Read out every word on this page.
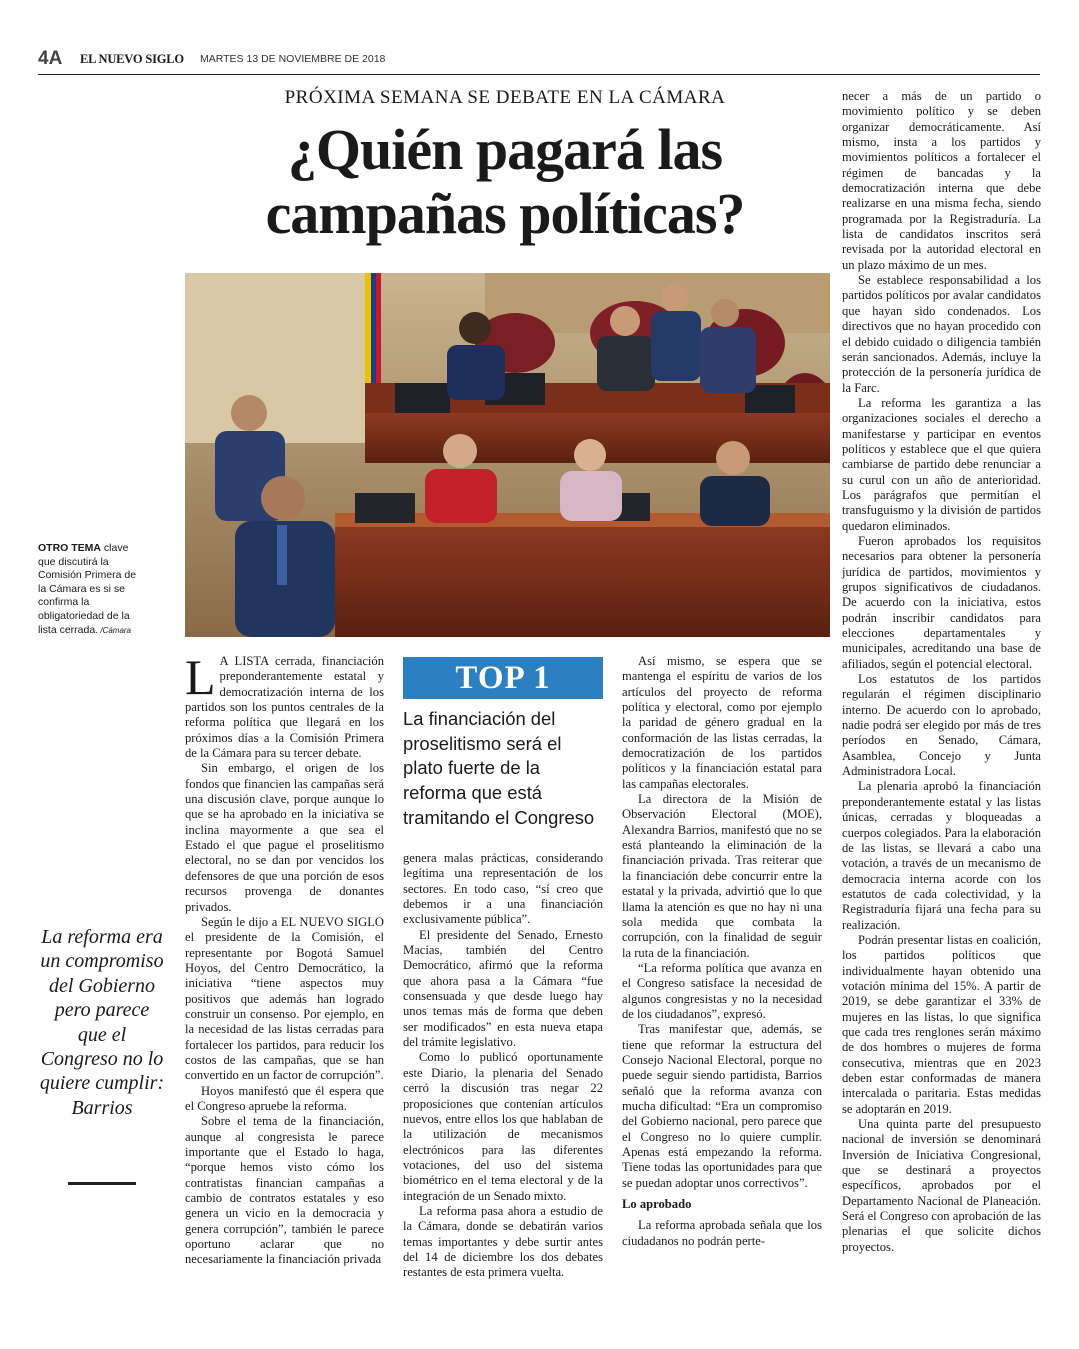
4A EL NUEVO SIGLO MARTES 13 DE NOVIEMBRE DE 2018
PRÓXIMA SEMANA SE DEBATE EN LA CÁMARA
¿Quién pagará las
campañas políticas?
OTRO TEMA clave que discutirá la Comisión Primera de la Cámara es si se confirma la obligatoriedad de la lista cerrada. /Cámara
La reforma era un compromiso del Gobierno pero parece que el Congreso no lo quiere cumplir: Barrios

L A LISTA cerrada, financiación preponderantemente estatal y democratización interna de los partidos son los puntos centrales de la reforma política que llegará en los próximos días a la Comisión Primera de la Cámara para su tercer debate.

Sin embargo, el origen de los fondos que financien las campañas será una discusión clave, porque aunque lo que se ha aprobado en la iniciativa se inclina mayormente a que sea el Estado el que pague el proselitismo electoral, no se dan por vencidos los defensores de que una porción de esos recursos provenga de donantes privados.

Según le dijo a EL NUEVO SIGLO el presidente de la Comisión, el representante por Bogotá Samuel Hoyos, del Centro Democrático, la iniciativa “tiene aspectos muy positivos que además han logrado construir un consenso. Por ejemplo, en la necesidad de las listas cerradas para fortalecer los partidos, para reducir los costos de las campañas, que se han convertido en un factor de corrupción”.

Hoyos manifestó que él espera que el Congreso apruebe la reforma.

Sobre el tema de la financiación, aunque al congresista le parece importante que el Estado lo haga, “porque hemos visto cómo los contratistas financian campañas a cambio de contratos estatales y eso genera un vicio en la democracia y genera corrupción”, también le parece oportuno aclarar que no necesariamente la financiación privada

TOP 1
La financiación del proselitismo será el plato fuerte de la reforma que está tramitando el Congreso

genera malas prácticas, considerando legítima una representación de los sectores. En todo caso, “sí creo que debemos ir a una financiación exclusivamente pública”.

El presidente del Senado, Ernesto Macías, también del Centro Democrático, afirmó que la reforma que ahora pasa a la Cámara “fue consensuada y que desde luego hay unos temas más de forma que deben ser modificados” en esta nueva etapa del trámite legislativo.

Como lo publicó oportunamente este Diario, la plenaria del Senado cerró la discusión tras negar 22 proposiciones que contenían artículos nuevos, entre ellos los que hablaban de la utilización de mecanismos electrónicos para las diferentes votaciones, del uso del sistema biométrico en el tema electoral y de la integración de un Senado mixto.

La reforma pasa ahora a estudio de la Cámara, donde se debatirán varios temas importantes y debe surtir antes del 14 de diciembre los dos debates restantes de esta primera vuelta.

Así mismo, se espera que se mantenga el espíritu de varios de los artículos del proyecto de reforma política y electoral, como por ejemplo la paridad de género gradual en la conformación de las listas cerradas, la democratización de los partidos políticos y la financiación estatal para las campañas electorales.

La directora de la Misión de Observación Electoral (MOE), Alexandra Barrios, manifestó que no se está planteando la eliminación de la financiación privada. Tras reiterar que la financiación debe concurrir entre la estatal y la privada, advirtió que lo que llama la atención es que no hay ni una sola medida que combata la corrupción, con la finalidad de seguir la ruta de la financiación.

“La reforma política que avanza en el Congreso satisface la necesidad de algunos congresistas y no la necesidad de los ciudadanos”, expresó.

Tras manifestar que, además, se tiene que reformar la estructura del Consejo Nacional Electoral, porque no puede seguir siendo partidista, Barrios señaló que la reforma avanza con mucha dificultad: “Era un compromiso del Gobierno nacional, pero parece que el Congreso no lo quiere cumplir. Apenas está empezando la reforma. Tiene todas las oportunidades para que se puedan adoptar unos correctivos”.

Lo aprobado

La reforma aprobada señala que los ciudadanos no podrán perte-

necer a más de un partido o movimiento político y se deben organizar democráticamente. Así mismo, insta a los partidos y movimientos políticos a fortalecer el régimen de bancadas y la democratización interna que debe realizarse en una misma fecha, siendo programada por la Registraduría. La lista de candidatos inscritos será revisada por la autoridad electoral en un plazo máximo de un mes.

Se establece responsabilidad a los partidos políticos por avalar candidatos que hayan sido condenados. Los directivos que no hayan procedido con el debido cuidado o diligencia también serán sancionados. Además, incluye la protección de la personería jurídica de la Farc.

La reforma les garantiza a las organizaciones sociales el derecho a manifestarse y participar en eventos políticos y establece que el que quiera cambiarse de partido debe renunciar a su curul con un año de anterioridad. Los parágrafos que permitían el transfuguismo y la división de partidos quedaron eliminados.

Fueron aprobados los requisitos necesarios para obtener la personería jurídica de partidos, movimientos y grupos significativos de ciudadanos. De acuerdo con la iniciativa, estos podrán inscribir candidatos para elecciones departamentales y municipales, acreditando una base de afiliados, según el potencial electoral.

Los estatutos de los partidos regularán el régimen disciplinario interno. De acuerdo con lo aprobado, nadie podrá ser elegido por más de tres períodos en Senado, Cámara, Asamblea, Concejo y Junta Administradora Local.

La plenaria aprobó la financiación preponderantemente estatal y las listas únicas, cerradas y bloqueadas a cuerpos colegiados. Para la elaboración de las listas, se llevará a cabo una votación, a través de un mecanismo de democracia interna acorde con los estatutos de cada colectividad, y la Registraduría fijará una fecha para su realización.

Podrán presentar listas en coalición, los partidos políticos que individualmente hayan obtenido una votación mínima del 15%. A partir de 2019, se debe garantizar el 33% de mujeres en las listas, lo que significa que cada tres renglones serán máximo de dos hombres o mujeres de forma consecutiva, mientras que en 2023 deben estar conformadas de manera intercalada o paritaria. Estas medidas se adoptarán en 2019.

Una quinta parte del presupuesto nacional de inversión se denominará Inversión de Iniciativa Congresional, que se destinará a proyectos específicos, aprobados por el Departamento Nacional de Planeación. Será el Congreso con aprobación de las plenarias el que solicite dichos proyectos.
